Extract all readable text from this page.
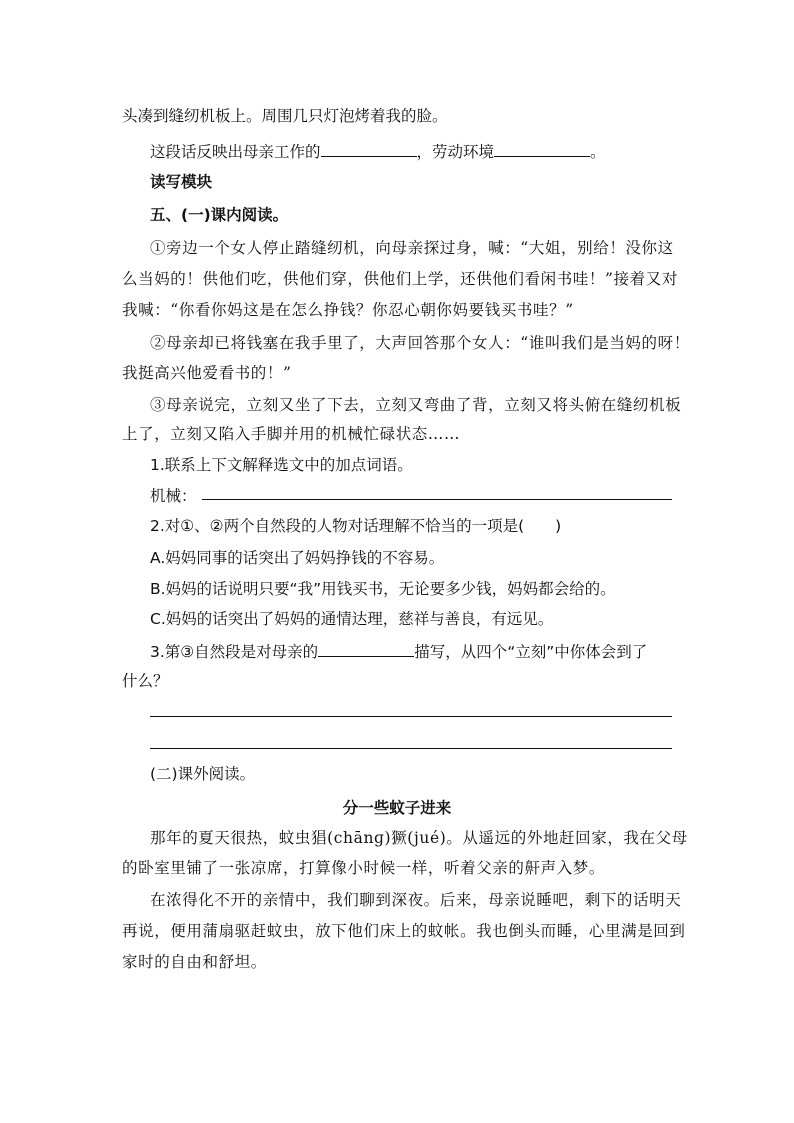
头凑到缝纫机板上。周围几只灯泡烤着我的脸。
这段话反映出母亲工作的	，劳动环境	。
读写模块
五、(一)课内阅读。
①旁边一个女人停止踏缝纫机，向母亲探过身，喊：“大姐，别给！没你这
么当妈的！供他们吃，供他们穿，供他们上学，还供他们看闲书哇！”接着又对
我喊：“你看你妈这是在怎么挣钱？你忍心朝你妈要钱买书哇？”
②母亲却已将钱塞在我手里了，大声回答那个女人：“谁叫我们是当妈的呀！
我挺高兴他爱看书的！”
③母亲说完，立刻又坐了下去，立刻又弯曲了背，立刻又将头俯在缝纫机板
上了，立刻又陷入手脚并用的机械忙碌状态……
1.联系上下文解释选文中的加点词语。
机械：
2.对①、②两个自然段的人物对话理解不恰当的一项是(　　)
A.妈妈同事的话突出了妈妈挣钱的不容易。
B.妈妈的话说明只要“我”用钱买书，无论要多少钱，妈妈都会给的。
C.妈妈的话突出了妈妈的通情达理，慈祥与善良，有远见。
3.第③自然段是对母亲的	描写，从四个“立刻”中你体会到了
什么？
(二)课外阅读。
分一些蚊子进来
那年的夏天很热，蚊虫猖(chānɡ)獗(jué)。从遥远的外地赶回家，我在父母
的卧室里铺了一张凉席，打算像小时候一样，听着父亲的鼾声入梦。
在浓得化不开的亲情中，我们聊到深夜。后来，母亲说睡吧，剩下的话明天
再说，便用蒲扇驱赶蚊虫，放下他们床上的蚊帐。我也倒头而睡，心里满是回到
家时的自由和舒坦。
